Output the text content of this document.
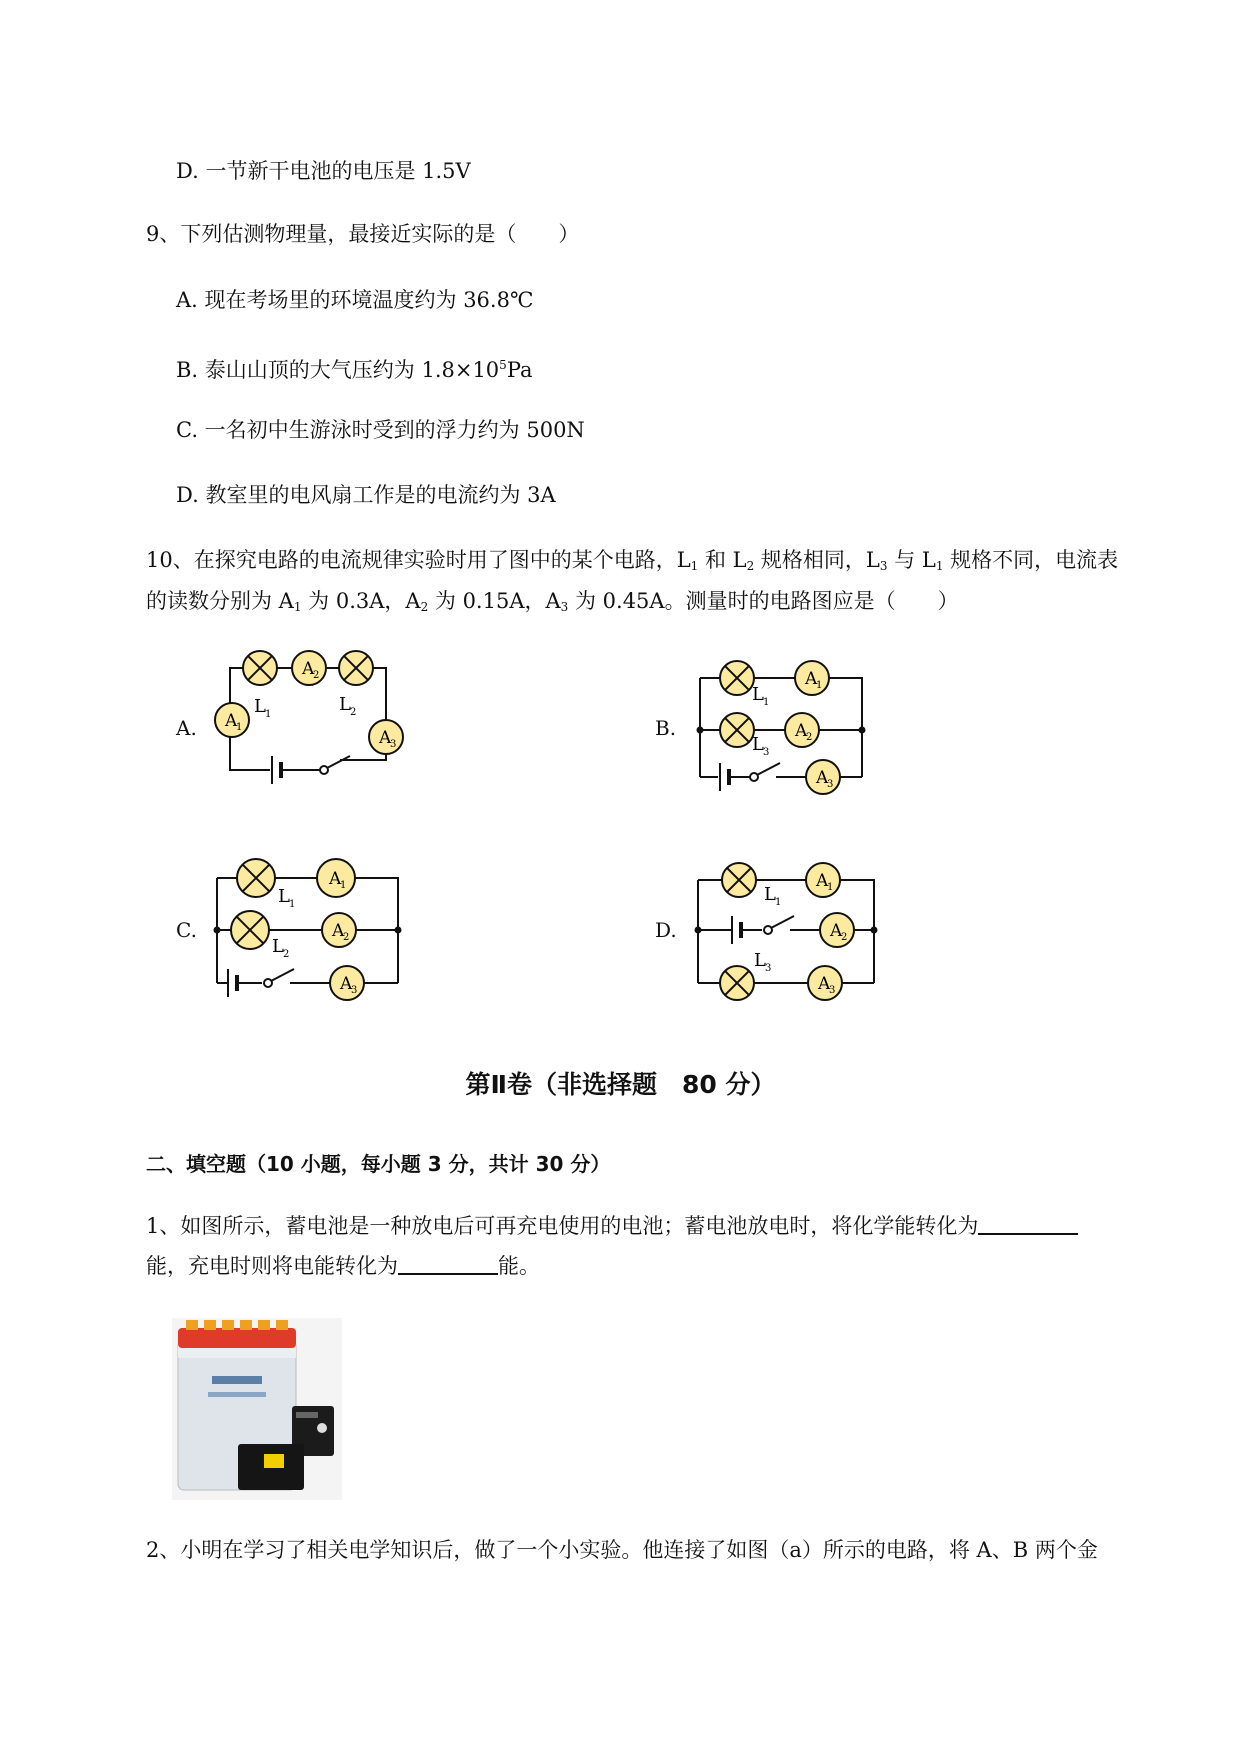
D. 一节新干电池的电压是 1.5V
9、下列估测物理量，最接近实际的是（　　）
A. 现在考场里的环境温度约为 36.8℃
B. 泰山山顶的大气压约为 $1.8\times 10^5Pa$
C. 一名初中生游泳时受到的浮力约为 500N
D. 教室里的电风扇工作是的电流约为 3A
10、在探究电路的电流规律实验时用了图中的某个电路，$L_1$ 和 $L_2$ 规格相同，$L_3$ 与 $L_1$ 规格不同，电流表
的读数分别为 $A_1$ 为 0.3A，$A_2$ 为 0.15A，$A_3$ 为 0.45A。测量时的电路图应是（　　）
A.	B.
C.	D.
A
2
A
1
A
3
L 1	L 2
A
1
A
2
L 1
L 3
A
3
A
1
A
2
L 1
L 2
A
3
A
1
A
2
A
3
L 1
L 3
第Ⅱ卷（非选择题　80 分）
二、填空题（10 小题，每小题 3 分，共计 30 分）
1、如图所示，蓄电池是一种放电后可再充电使用的电池；蓄电池放电时，将化学能转化为
能，充电时则将电能转化为	能。
2、小明在学习了相关电学知识后，做了一个小实验。他连接了如图（a）所示的电路，将 A、B 两个金
